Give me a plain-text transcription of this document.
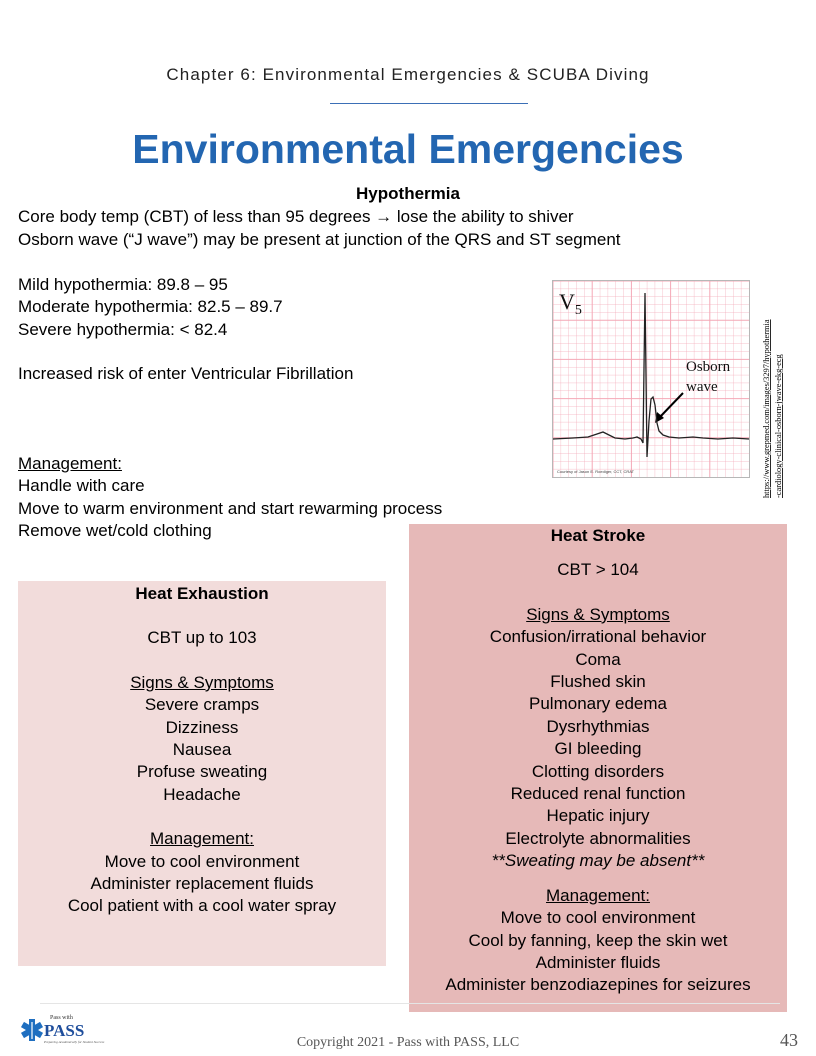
Chapter 6: Environmental Emergencies & SCUBA Diving
Environmental Emergencies
Hypothermia
Core body temp (CBT) of less than 95 degrees → lose the ability to shiver
Osborn wave (“J wave”) may be present at junction of the QRS and ST segment
Mild hypothermia: 89.8 – 95
Moderate hypothermia: 82.5 – 89.7
Severe hypothermia: < 82.4
Increased risk of enter Ventricular Fibrillation
Management:
Handle with care
Move to warm environment and start rewarming process
Remove wet/cold clothing
$V_5$
Osborn
wave
Courtesy of Jason E. Roediger, CCT, CRAT	https://www.grepmed.com/images/3297/hypothermia -cardiology-clinical-osborn-jwave-ekg-ecg
Heat Exhaustion
CBT up to 103
Signs & Symptoms
Severe cramps
Dizziness
Nausea
Profuse sweating
Headache
Management:
Move to cool environment
Administer replacement fluids
Cool patient with a cool water spray
Heat Stroke
CBT > 104
Signs & Symptoms
Confusion/irrational behavior
Coma
Flushed skin
Pulmonary edema
Dysrhythmias
GI bleeding
Clotting disorders
Reduced renal function
Hepatic injury
Electrolyte abnormalities
**Sweating may be absent**
Management:
Move to cool environment
Cool by fanning, keep the skin wet
Administer fluids
Administer benzodiazepines for seizures
Pass with
PASS
Preparing Academically for Student Success	Copyright 2021 - Pass with PASS, LLC	43
